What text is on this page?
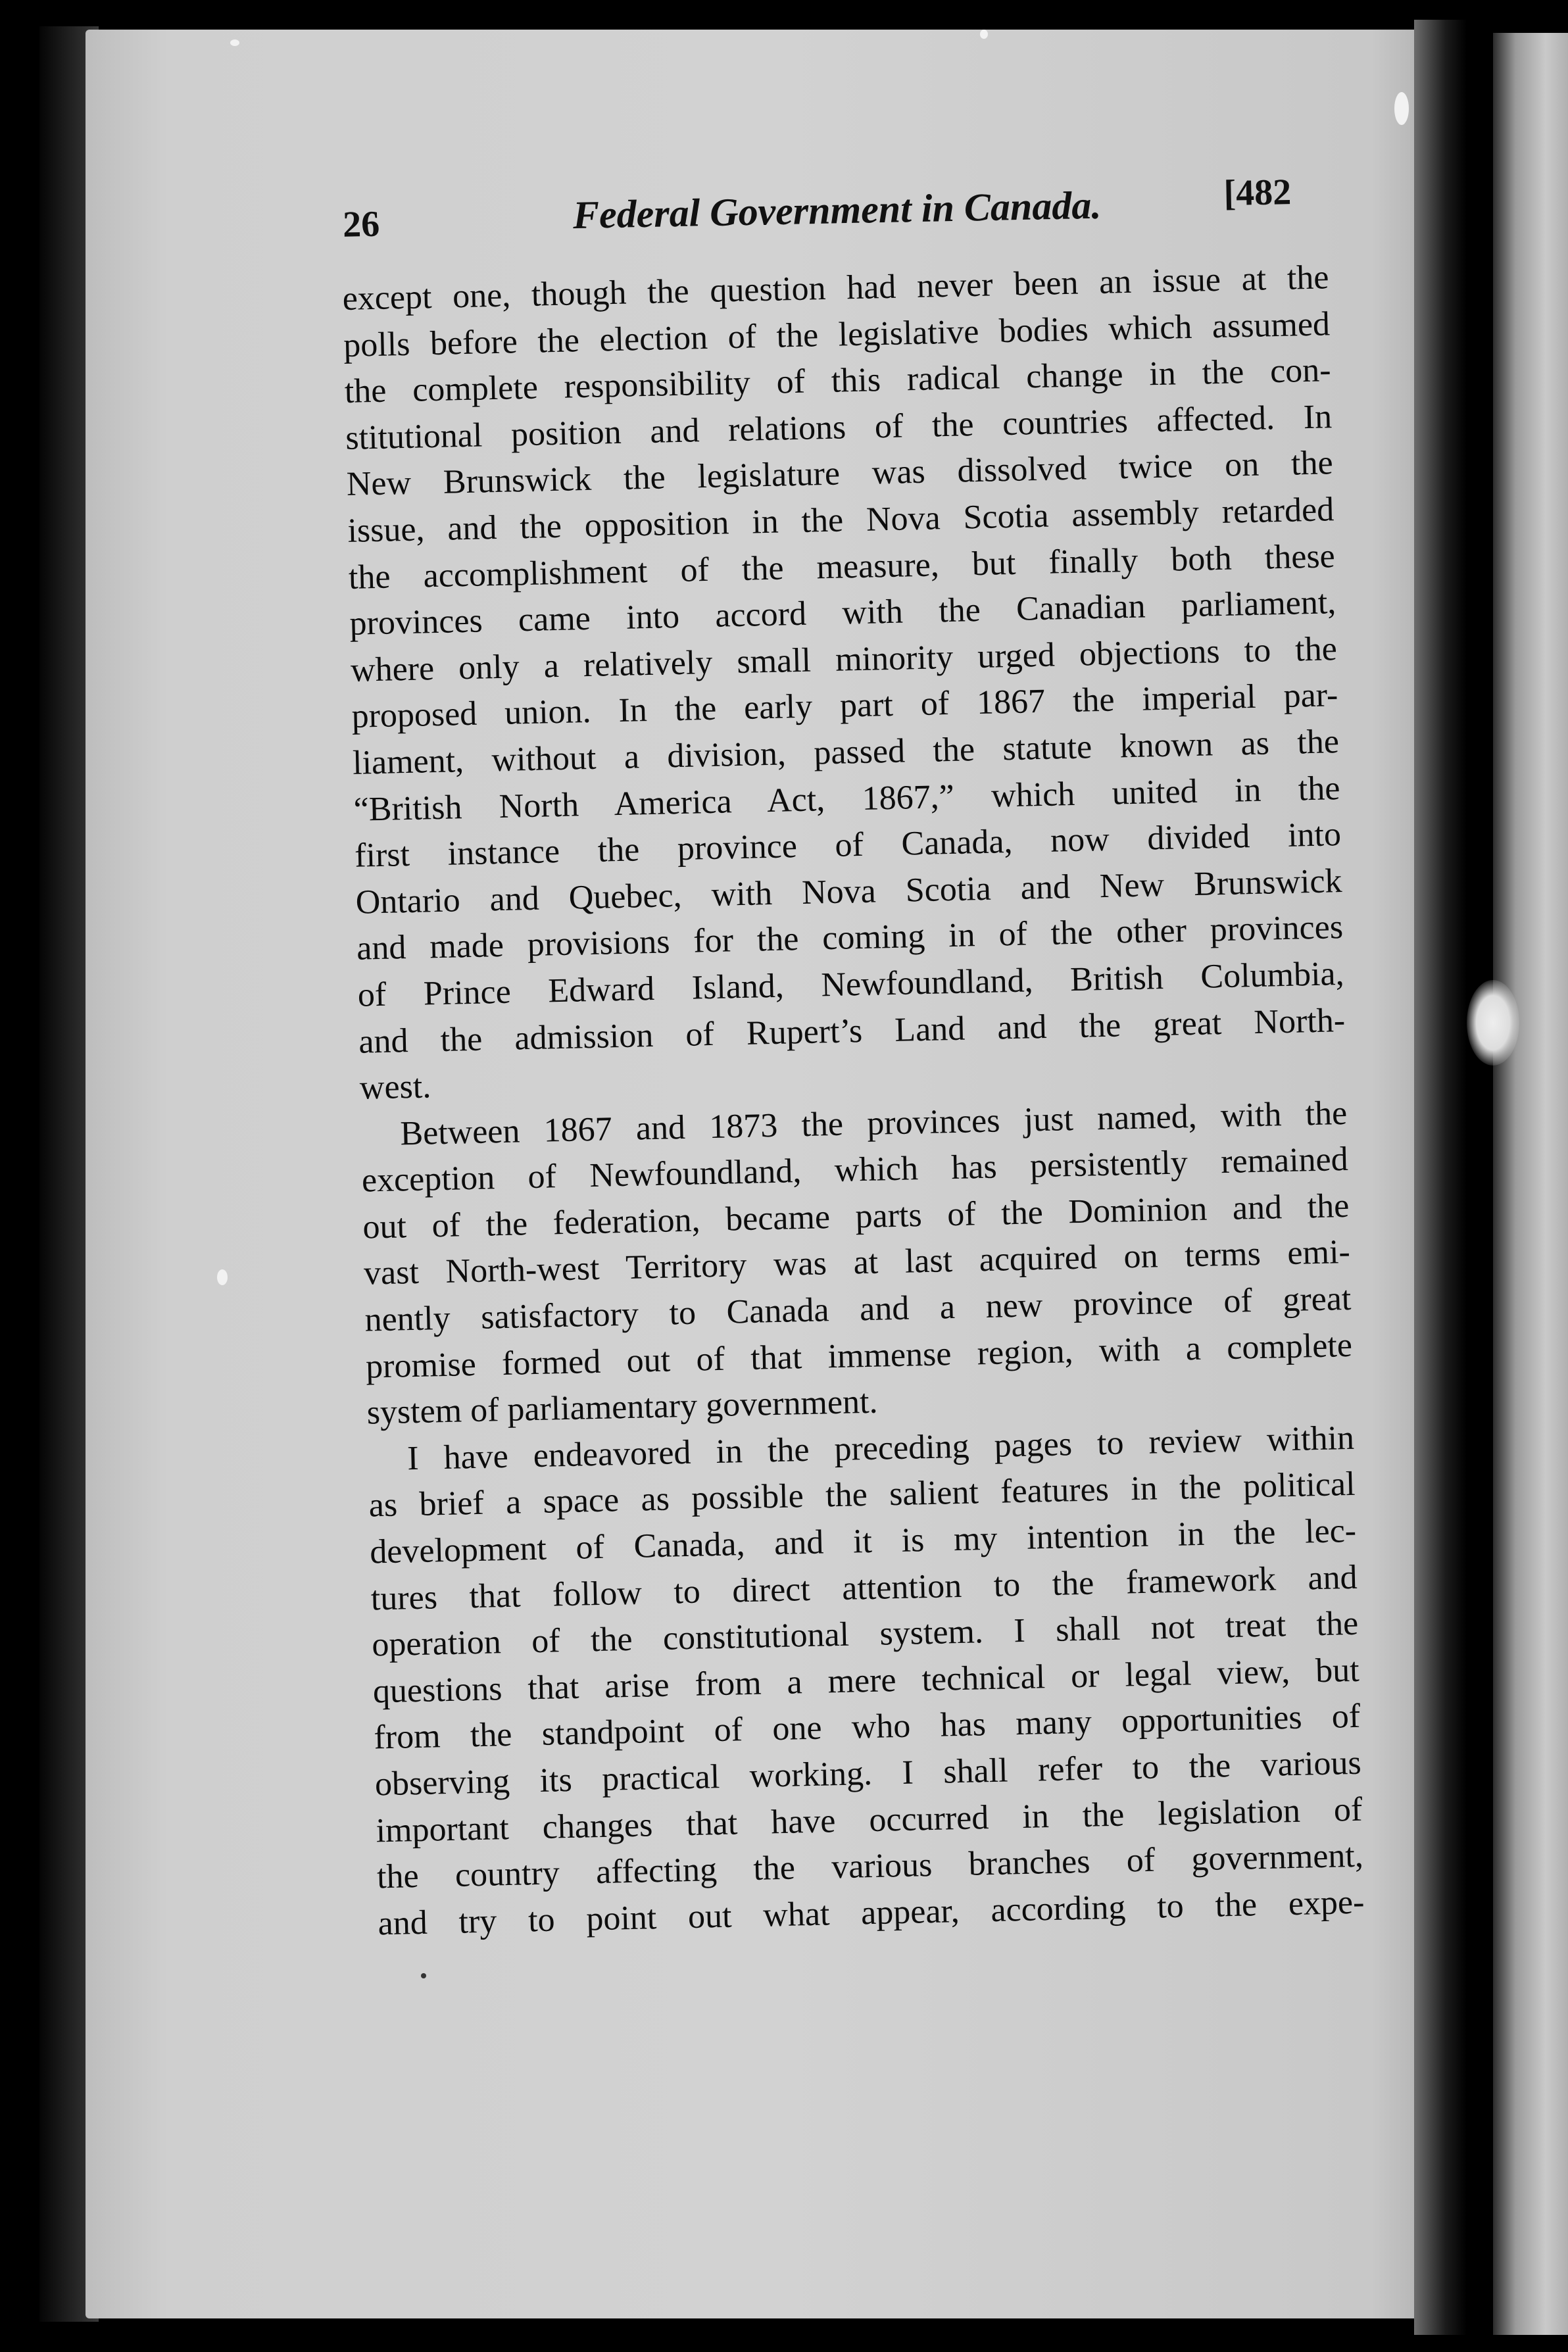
26	Federal Government in Canada.	[482
except one, though the question had never been an issue at the
polls before the election of the legislative bodies which assumed
the complete responsibility of this radical change in the con-
stitutional position and relations of the countries affected. In
New Brunswick the legislature was dissolved twice on the
issue, and the opposition in the Nova Scotia assembly retarded
the accomplishment of the measure, but finally both these
provinces came into accord with the Canadian parliament,
where only a relatively small minority urged objections to the
proposed union. In the early part of 1867 the imperial par-
liament, without a division, passed the statute known as the
“British North America Act, 1867,” which united in the
first instance the province of Canada, now divided into
Ontario and Quebec, with Nova Scotia and New Brunswick
and made provisions for the coming in of the other provinces
of Prince Edward Island, Newfoundland, British Columbia,
and the admission of Rupert’s Land and the great North-
west.
Between 1867 and 1873 the provinces just named, with the
exception of Newfoundland, which has persistently remained
out of the federation, became parts of the Dominion and the
vast North-west Territory was at last acquired on terms emi-
nently satisfactory to Canada and a new province of great
promise formed out of that immense region, with a complete
system of parliamentary government.
I have endeavored in the preceding pages to review within
as brief a space as possible the salient features in the political
development of Canada, and it is my intention in the lec-
tures that follow to direct attention to the framework and
operation of the constitutional system. I shall not treat the
questions that arise from a mere technical or legal view, but
from the standpoint of one who has many opportunities of
observing its practical working. I shall refer to the various
important changes that have occurred in the legislation of
the country affecting the various branches of government,
and try to point out what appear, according to the expe-
